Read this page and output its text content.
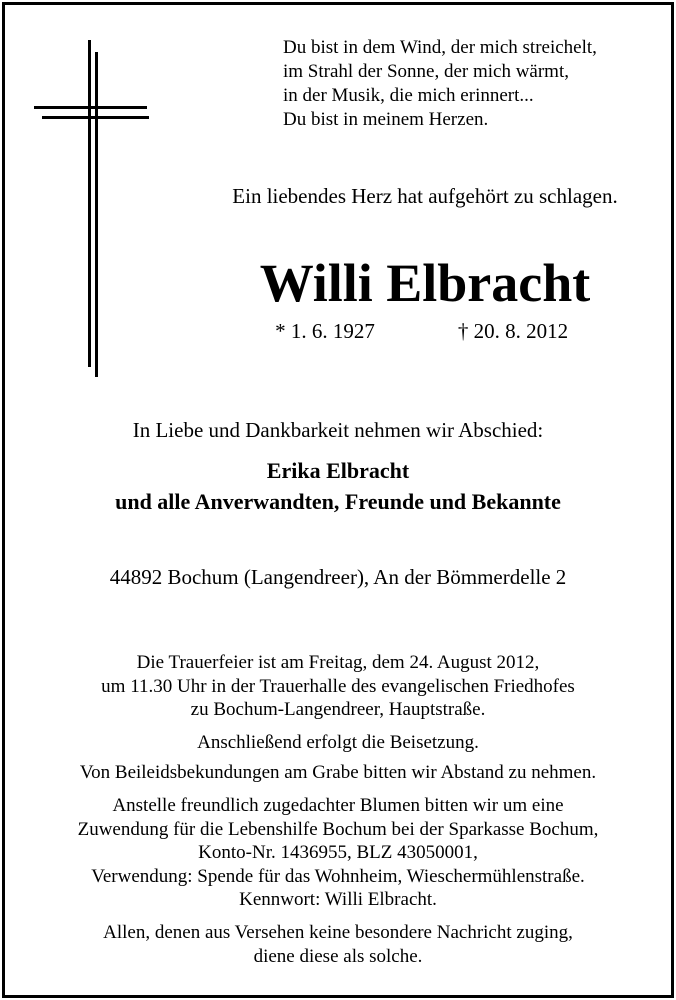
Du bist in dem Wind, der mich streichelt,
im Strahl der Sonne, der mich wärmt,
in der Musik, die mich erinnert...
Du bist in meinem Herzen.
Ein liebendes Herz hat aufgehört zu schlagen.
Willi Elbracht
* 1. 6. 1927	† 20. 8. 2012
In Liebe und Dankbarkeit nehmen wir Abschied:
Erika Elbracht
und alle Anverwandten, Freunde und Bekannte
44892 Bochum (Langendreer), An der Bömmerdelle 2
Die Trauerfeier ist am Freitag, dem 24. August 2012,
um 11.30 Uhr in der Trauerhalle des evangelischen Friedhofes
zu Bochum-Langendreer, Hauptstraße.
Anschließend erfolgt die Beisetzung.
Von Beileidsbekundungen am Grabe bitten wir Abstand zu nehmen.
Anstelle freundlich zugedachter Blumen bitten wir um eine
Zuwendung für die Lebenshilfe Bochum bei der Sparkasse Bochum,
Konto-Nr. 1436955, BLZ 43050001,
Verwendung: Spende für das Wohnheim, Wieschermühlenstraße.
Kennwort: Willi Elbracht.
Allen, denen aus Versehen keine besondere Nachricht zuging,
diene diese als solche.
